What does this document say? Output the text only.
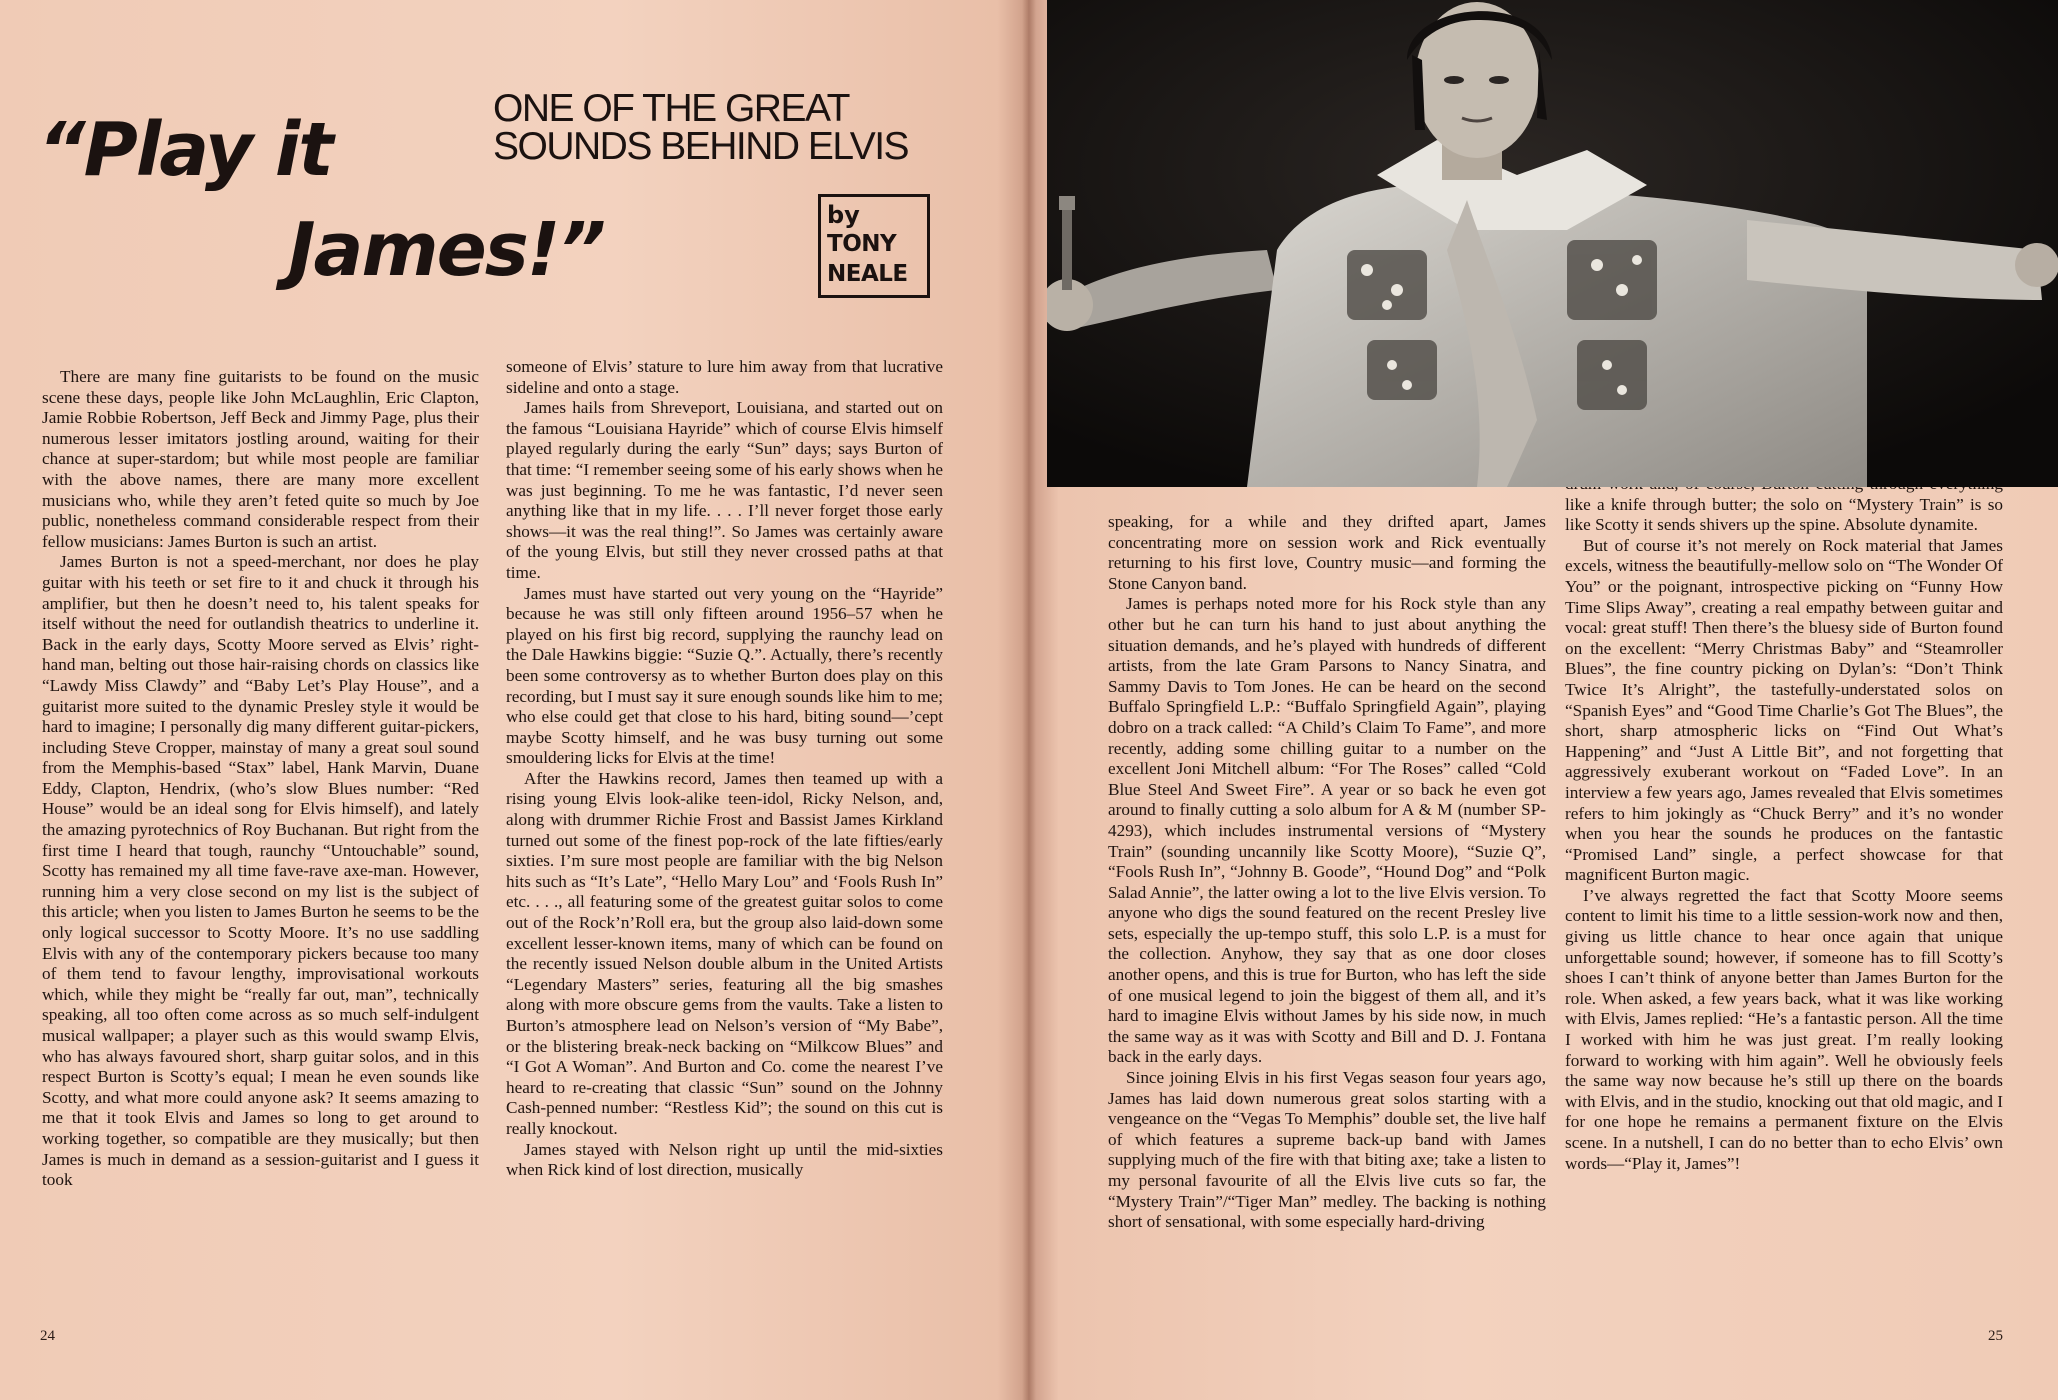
“Play it
James!”
ONE OF THE GREAT
SOUNDS BEHIND ELVIS
by
TONY
NEALE

There are many fine guitarists to be found on the music scene these days, people like John McLaughlin, Eric Clapton, Jamie Robbie Robertson, Jeff Beck and Jimmy Page, plus their numerous lesser imitators jostling around, waiting for their chance at super-stardom; but while most people are familiar with the above names, there are many more excellent musicians who, while they aren’t feted quite so much by Joe public, nonetheless command considerable respect from their fellow musicians: James Burton is such an artist.

James Burton is not a speed-merchant, nor does he play guitar with his teeth or set fire to it and chuck it through his amplifier, but then he doesn’t need to, his talent speaks for itself without the need for outlandish theatrics to underline it. Back in the early days, Scotty Moore served as Elvis’ right-hand man, belting out those hair-raising chords on classics like “Lawdy Miss Clawdy” and “Baby Let’s Play House”, and a guitarist more suited to the dynamic Presley style it would be hard to imagine; I personally dig many different guitar-pickers, including Steve Cropper, mainstay of many a great soul sound from the Memphis-based “Stax” label, Hank Marvin, Duane Eddy, Clapton, Hendrix, (who’s slow Blues number: “Red House” would be an ideal song for Elvis himself), and lately the amazing pyrotechnics of Roy Buchanan. But right from the first time I heard that tough, raunchy “Untouchable” sound, Scotty has remained my all time fave-rave axe-man. However, running him a very close second on my list is the subject of this article; when you listen to James Burton he seems to be the only logical successor to Scotty Moore. It’s no use saddling Elvis with any of the contemporary pickers because too many of them tend to favour lengthy, improvisational workouts which, while they might be “really far out, man”, technically speaking, all too often come across as so much self-indulgent musical wallpaper; a player such as this would swamp Elvis, who has always favoured short, sharp guitar solos, and in this respect Burton is Scotty’s equal; I mean he even sounds like Scotty, and what more could anyone ask? It seems amazing to me that it took Elvis and James so long to get around to working together, so compatible are they musically; but then James is much in demand as a session-guitarist and I guess it took

someone of Elvis’ stature to lure him away from that lucrative sideline and onto a stage.

James hails from Shreveport, Louisiana, and started out on the famous “Louisiana Hayride” which of course Elvis himself played regularly during the early “Sun” days; says Burton of that time: “I remember seeing some of his early shows when he was just beginning. To me he was fantastic, I’d never seen anything like that in my life. . . . I’ll never forget those early shows—it was the real thing!”. So James was certainly aware of the young Elvis, but still they never crossed paths at that time.

James must have started out very young on the “Hayride” because he was still only fifteen around 1956–57 when he played on his first big record, supplying the raunchy lead on the Dale Hawkins biggie: “Suzie Q.”. Actually, there’s recently been some controversy as to whether Burton does play on this recording, but I must say it sure enough sounds like him to me; who else could get that close to his hard, biting sound—’cept maybe Scotty himself, and he was busy turning out some smouldering licks for Elvis at the time!

After the Hawkins record, James then teamed up with a rising young Elvis look-alike teen-idol, Ricky Nelson, and, along with drummer Richie Frost and Bassist James Kirkland turned out some of the finest pop-rock of the late fifties/early sixties. I’m sure most people are familiar with the big Nelson hits such as “It’s Late”, “Hello Mary Lou” and ‘Fools Rush In” etc. . . ., all featuring some of the greatest guitar solos to come out of the Rock’n’Roll era, but the group also laid-down some excellent lesser-known items, many of which can be found on the recently issued Nelson double album in the United Artists “Legendary Masters” series, featuring all the big smashes along with more obscure gems from the vaults. Take a listen to Burton’s atmosphere lead on Nelson’s version of “My Babe”, or the blistering break-neck backing on “Milkcow Blues” and “I Got A Woman”. And Burton and Co. come the nearest I’ve heard to re-creating that classic “Sun” sound on the Johnny Cash-penned number: “Restless Kid”; the sound on this cut is really knockout.

James stayed with Nelson right up until the mid-sixties when Rick kind of lost direction, musically

24

speaking, for a while and they drifted apart, James concentrating more on session work and Rick eventually returning to his first love, Country music—and forming the Stone Canyon band.

James is perhaps noted more for his Rock style than any other but he can turn his hand to just about anything the situation demands, and he’s played with hundreds of different artists, from the late Gram Parsons to Nancy Sinatra, and Sammy Davis to Tom Jones. He can be heard on the second Buffalo Springfield L.P.: “Buffalo Springfield Again”, playing dobro on a track called: “A Child’s Claim To Fame”, and more recently, adding some chilling guitar to a number on the excellent Joni Mitchell album: “For The Roses” called “Cold Blue Steel And Sweet Fire”. A year or so back he even got around to finally cutting a solo album for A & M (number SP-4293), which includes instrumental versions of “Mystery Train” (sounding uncannily like Scotty Moore), “Suzie Q”, “Fools Rush In”, “Johnny B. Goode”, “Hound Dog” and “Polk Salad Annie”, the latter owing a lot to the live Elvis version. To anyone who digs the sound featured on the recent Presley live sets, especially the up-tempo stuff, this solo L.P. is a must for the collection. Anyhow, they say that as one door closes another opens, and this is true for Burton, who has left the side of one musical legend to join the biggest of them all, and it’s hard to imagine Elvis without James by his side now, in much the same way as it was with Scotty and Bill and D. J. Fontana back in the early days.

Since joining Elvis in his first Vegas season four years ago, James has laid down numerous great solos starting with a vengeance on the “Vegas To Memphis” double set, the live half of which features a supreme back-up band with James supplying much of the fire with that biting axe; take a listen to my personal favourite of all the Elvis live cuts so far, the “Mystery Train”/“Tiger Man” medley. The backing is nothing short of sensational, with some especially hard-driving

like a knife through butter; the solo on “Mystery Train” is so like Scotty it sends shivers up the spine. Absolute dynamite.

But of course it’s not merely on Rock material that James excels, witness the beautifully-mellow solo on “The Wonder Of You” or the poignant, introspective picking on “Funny How Time Slips Away”, creating a real empathy between guitar and vocal: great stuff! Then there’s the bluesy side of Burton found on the excellent: “Merry Christmas Baby” and “Steamroller Blues”, the fine country picking on Dylan’s: “Don’t Think Twice It’s Alright”, the tastefully-understated solos on “Spanish Eyes” and “Good Time Charlie’s Got The Blues”, the short, sharp atmospheric licks on “Find Out What’s Happening” and “Just A Little Bit”, and not forgetting that aggressively exuberant workout on “Faded Love”. In an interview a few years ago, James revealed that Elvis sometimes refers to him jokingly as “Chuck Berry” and it’s no wonder when you hear the sounds he produces on the fantastic “Promised Land” single, a perfect showcase for that magnificent Burton magic.

I’ve always regretted the fact that Scotty Moore seems content to limit his time to a little session-work now and then, giving us little chance to hear once again that unique unforgettable sound; however, if someone has to fill Scotty’s shoes I can’t think of anyone better than James Burton for the role. When asked, a few years back, what it was like working with Elvis, James replied: “He’s a fantastic person. All the time I worked with him he was just great. I’m really looking forward to working with him again”. Well he obviously feels the same way now because he’s still up there on the boards with Elvis, and in the studio, knocking out that old magic, and I for one hope he remains a permanent fixture on the Elvis scene. In a nutshell, I can do no better than to echo Elvis’ own words—“Play it, James”!

25
